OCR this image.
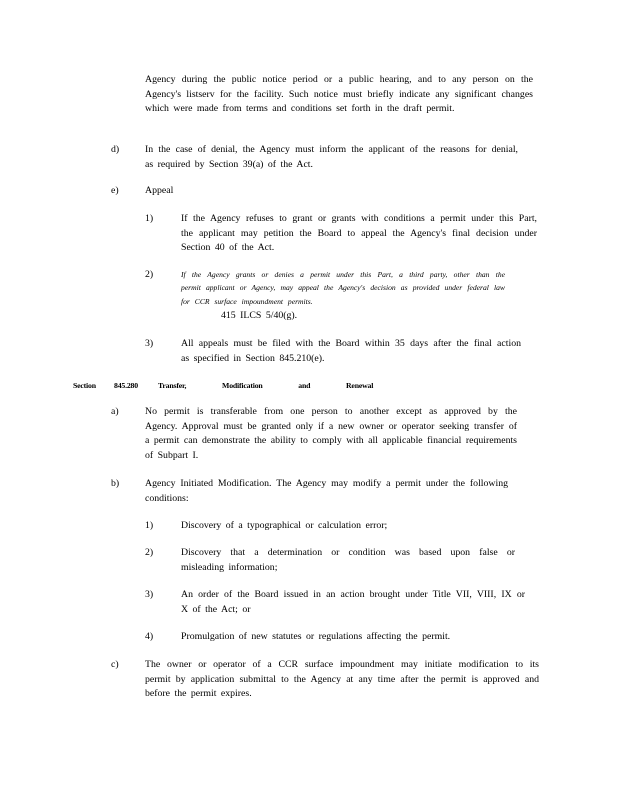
Agency during the public notice period or a public hearing, and to any person on the Agency's listserv for the facility. Such notice must briefly indicate any significant changes which were made from terms and conditions set forth in the draft permit.

d)	In the case of denial, the Agency must inform the applicant of the reasons for denial, as required by Section 39(a) of the Act.

e)	Appeal

1)	If the Agency refuses to grant or grants with conditions a permit under this Part, the applicant may petition the Board to appeal the Agency's final decision under Section 40 of the Act.

2)	If the Agency grants or denies a permit under this Part, a third party, other than the permit applicant or Agency, may appeal the Agency's decision as provided under federal law for CCR surface impoundment permits.

415 ILCS 5/40(g).
3)	All appeals must be filed with the Board within 35 days after the final action as specified in Section 845.210(e).

Section 845.280	Transfer, Modification and Renewal
a)	No permit is transferable from one person to another except as approved by the Agency. Approval must be granted only if a new owner or operator seeking transfer of a permit can demonstrate the ability to comply with all applicable financial requirements of Subpart I.

b)	Agency Initiated Modification. The Agency may modify a permit under the following conditions:

1)	Discovery of a typographical or calculation error;

2)	Discovery that a determination or condition was based upon false or misleading information;

3)	An order of the Board issued in an action brought under Title VII, VIII, IX or X of the Act; or

4)	Promulgation of new statutes or regulations affecting the permit.

c)	The owner or operator of a CCR surface impoundment may initiate modification to its permit by application submittal to the Agency at any time after the permit is approved and before the permit expires.
